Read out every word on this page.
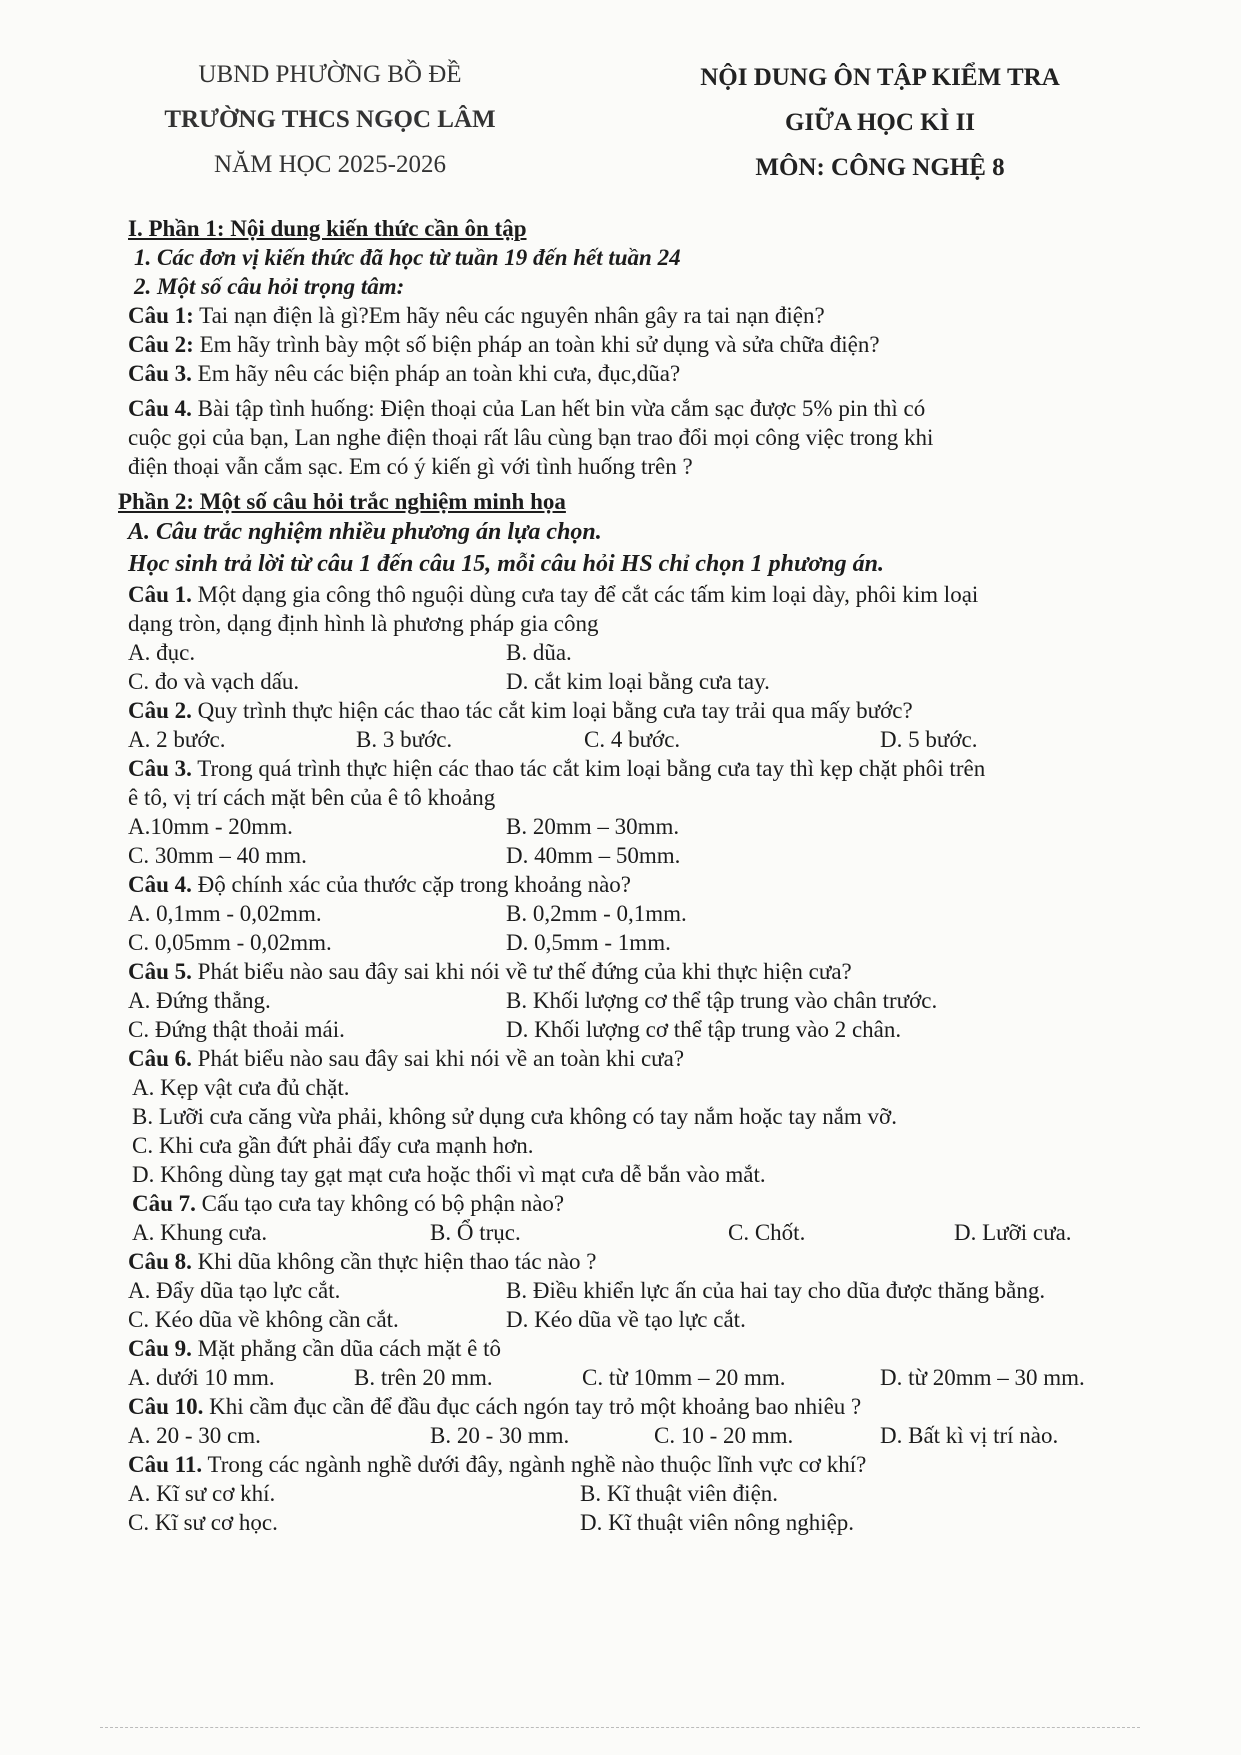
UBND PHƯỜNG BỒ ĐỀ
TRƯỜNG THCS NGỌC LÂM
NĂM HỌC 2025-2026
NỘI DUNG ÔN TẬP KIỂM TRA
GIỮA HỌC KÌ II
MÔN: CÔNG NGHỆ 8
I. Phần 1: Nội dung kiến thức cần ôn tập
1. Các đơn vị kiến thức đã học từ tuần 19 đến hết tuần 24
2. Một số câu hỏi trọng tâm:
Câu 1: Tai nạn điện là gì?Em hãy nêu các nguyên nhân gây ra tai nạn điện?
Câu 2: Em hãy trình bày một số biện pháp an toàn khi sử dụng và sửa chữa điện?
Câu 3. Em hãy nêu các biện pháp an toàn khi cưa, đục,dũa?
Câu 4. Bài tập tình huống: Điện thoại của Lan hết bin vừa cắm sạc được 5% pin thì có
cuộc gọi của bạn, Lan nghe điện thoại rất lâu cùng bạn trao đổi mọi công việc trong khi
điện thoại vẫn cắm sạc. Em có ý kiến gì với tình huống trên ?
Phần 2: Một số câu hỏi trắc nghiệm minh họa
A. Câu trắc nghiệm nhiều phương án lựa chọn.
Học sinh trả lời từ câu 1 đến câu 15, mỗi câu hỏi HS chỉ chọn 1 phương án.
Câu 1. Một dạng gia công thô nguội dùng cưa tay để cắt các tấm kim loại dày, phôi kim loại
dạng tròn, dạng định hình là phương pháp gia công
A. đục.	B. dũa.
C. đo và vạch dấu.	D. cắt kim loại bằng cưa tay.
Câu 2. Quy trình thực hiện các thao tác cắt kim loại bằng cưa tay trải qua mấy bước?
A. 2 bước.	B. 3 bước.	C. 4 bước.	D. 5 bước.
Câu 3. Trong quá trình thực hiện các thao tác cắt kim loại bằng cưa tay thì kẹp chặt phôi trên
ê tô, vị trí cách mặt bên của ê tô khoảng
A.10mm - 20mm.	B. 20mm – 30mm.
C. 30mm – 40 mm.	D. 40mm – 50mm.
Câu 4. Độ chính xác của thước cặp trong khoảng nào?
A. 0,1mm - 0,02mm.	B. 0,2mm - 0,1mm.
C. 0,05mm - 0,02mm.	D. 0,5mm - 1mm.
Câu 5. Phát biểu nào sau đây sai khi nói về tư thế đứng của khi thực hiện cưa?
A. Đứng thẳng.	B. Khối lượng cơ thể tập trung vào chân trước.
C. Đứng thật thoải mái.	D. Khối lượng cơ thể tập trung vào 2 chân.
Câu 6. Phát biểu nào sau đây sai khi nói về an toàn khi cưa?
A. Kẹp vật cưa đủ chặt.
B. Lưỡi cưa căng vừa phải, không sử dụng cưa không có tay nắm hoặc tay nắm vỡ.
C. Khi cưa gần đứt phải đẩy cưa mạnh hơn.
D. Không dùng tay gạt mạt cưa hoặc thổi vì mạt cưa dễ bắn vào mắt.
Câu 7. Cấu tạo cưa tay không có bộ phận nào?
A. Khung cưa.	B. Ổ trục.	C. Chốt.	D. Lưỡi cưa.
Câu 8. Khi dũa không cần thực hiện thao tác nào ?
A. Đẩy dũa tạo lực cắt.	B. Điều khiển lực ấn của hai tay cho dũa được thăng bằng.
C. Kéo dũa về không cần cắt.	D. Kéo dũa về tạo lực cắt.
Câu 9. Mặt phẳng cần dũa cách mặt ê tô
A. dưới 10 mm.	B. trên 20 mm.	C. từ 10mm – 20 mm.	D. từ 20mm – 30 mm.
Câu 10. Khi cầm đục cần để đầu đục cách ngón tay trỏ một khoảng bao nhiêu ?
A. 20 - 30 cm.	B. 20 - 30 mm.	C. 10 - 20 mm.	D. Bất kì vị trí nào.
Câu 11. Trong các ngành nghề dưới đây, ngành nghề nào thuộc lĩnh vực cơ khí?
A. Kĩ sư cơ khí.	B. Kĩ thuật viên điện.
C. Kĩ sư cơ học.	D. Kĩ thuật viên nông nghiệp.
